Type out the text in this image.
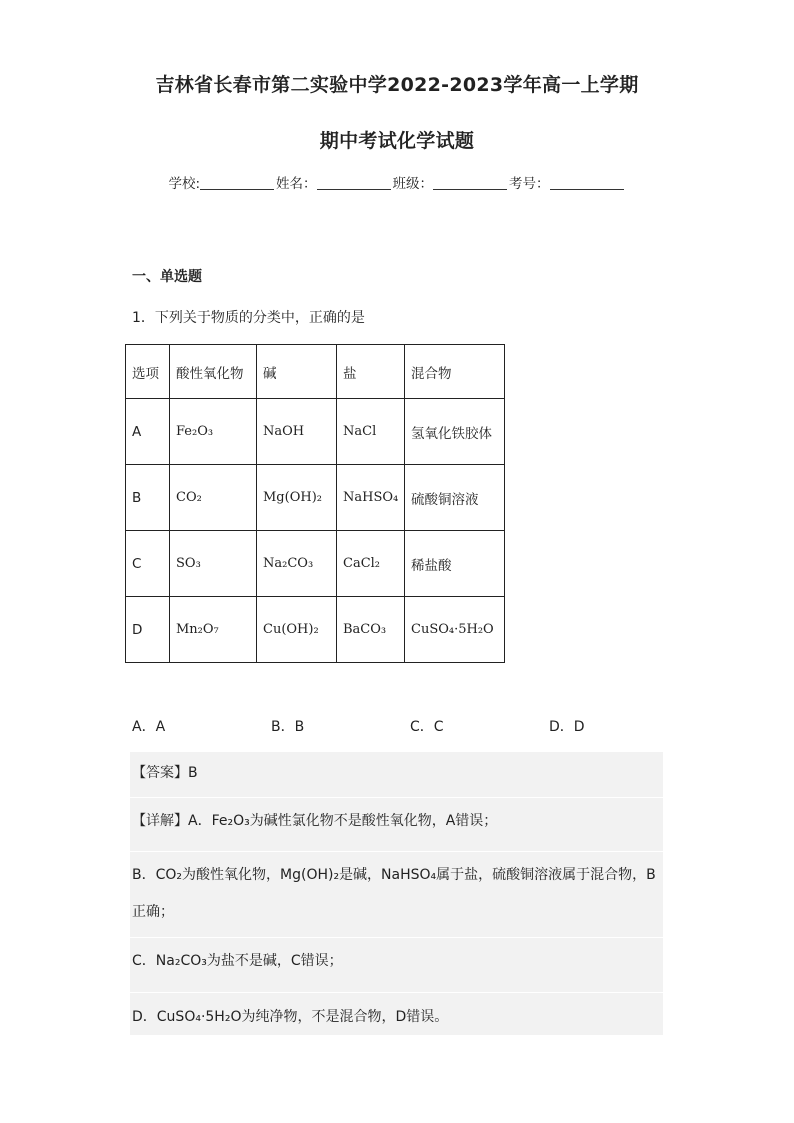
吉林省长春市第二实验中学2022-2023学年高一上学期
期中考试化学试题
学校:	姓名：	班级：	考号：
一、单选题
1．下列关于物质的分类中，正确的是
选项	酸性氧化物	碱	盐	混合物
A	Fe₂O₃	NaOH	NaCl	氢氧化铁胶体
B	CO₂	Mg(OH)₂	NaHSO₄	硫酸铜溶液
C	SO₃	Na₂CO₃	CaCl₂	稀盐酸
D	Mn₂O₇	Cu(OH)₂	BaCO₃	CuSO₄·5H₂O
A．A	B．B	C．C	D．D
【答案】B
【详解】A．Fe₂O₃为碱性氯化物不是酸性氧化物，A错误；
B．CO₂为酸性氧化物，Mg(OH)₂是碱，NaHSO₄属于盐，硫酸铜溶液属于混合物，B
正确；
C．Na₂CO₃为盐不是碱，C错误；
D．CuSO₄·5H₂O为纯净物，不是混合物，D错误。
